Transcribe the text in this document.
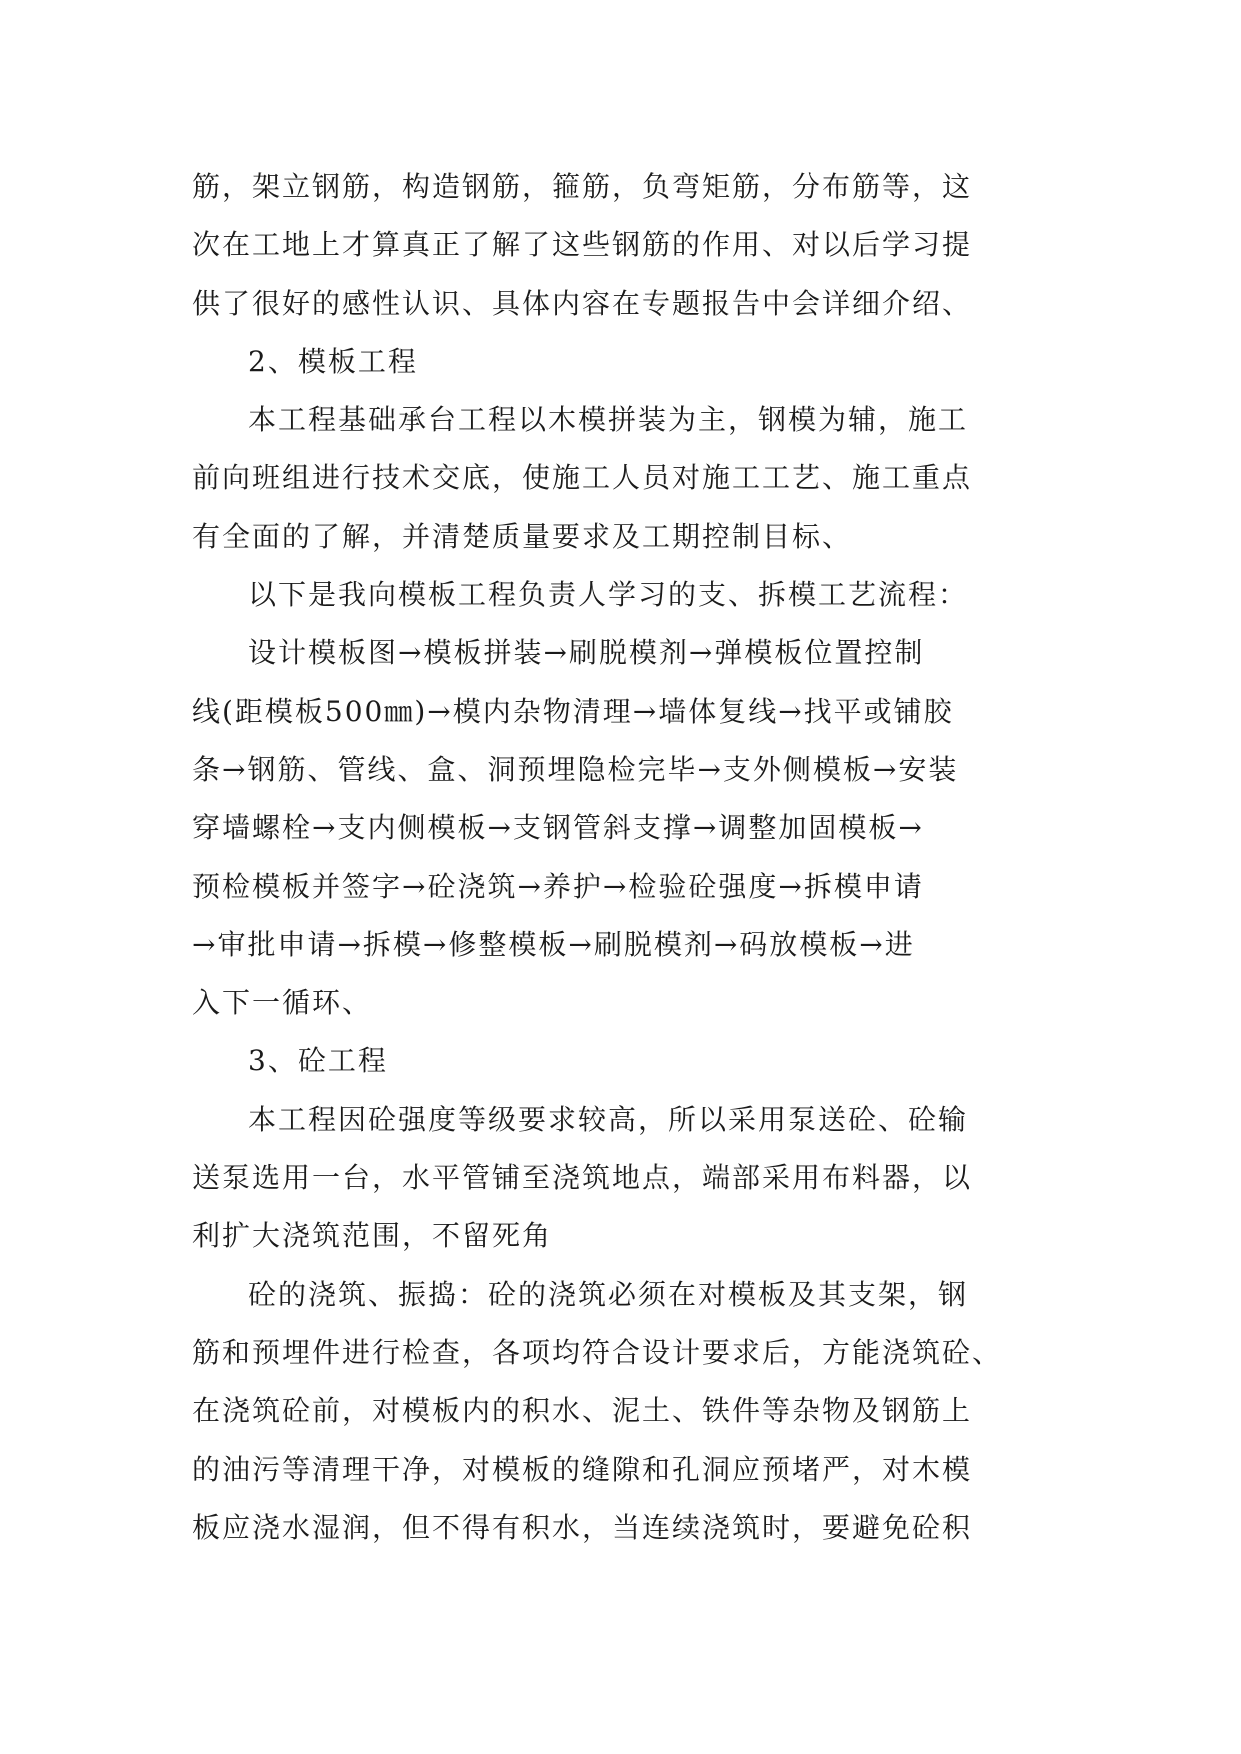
筋，架立钢筋，构造钢筋，箍筋，负弯矩筋，分布筋等，这
次在工地上才算真正了解了这些钢筋的作用、对以后学习提
供了很好的感性认识、具体内容在专题报告中会详细介绍、
2、模板工程
本工程基础承台工程以木模拼装为主，钢模为辅，施工
前向班组进行技术交底，使施工人员对施工工艺、施工重点
有全面的了解，并清楚质量要求及工期控制目标、
以下是我向模板工程负责人学习的支、拆模工艺流程：
设计模板图→模板拼装→刷脱模剂→弹模板位置控制
线(距模板500㎜)→模内杂物清理→墙体复线→找平或铺胶
条→钢筋、管线、盒、洞预埋隐检完毕→支外侧模板→安装
穿墙螺栓→支内侧模板→支钢管斜支撑→调整加固模板→
预检模板并签字→砼浇筑→养护→检验砼强度→拆模申请
→审批申请→拆模→修整模板→刷脱模剂→码放模板→进
入下一循环、
3、砼工程
本工程因砼强度等级要求较高，所以采用泵送砼、砼输
送泵选用一台，水平管铺至浇筑地点，端部采用布料器，以
利扩大浇筑范围，不留死角
砼的浇筑、振捣：砼的浇筑必须在对模板及其支架，钢
筋和预埋件进行检查，各项均符合设计要求后，方能浇筑砼、
在浇筑砼前，对模板内的积水、泥土、铁件等杂物及钢筋上
的油污等清理干净，对模板的缝隙和孔洞应预堵严，对木模
板应浇水湿润，但不得有积水，当连续浇筑时，要避免砼积
